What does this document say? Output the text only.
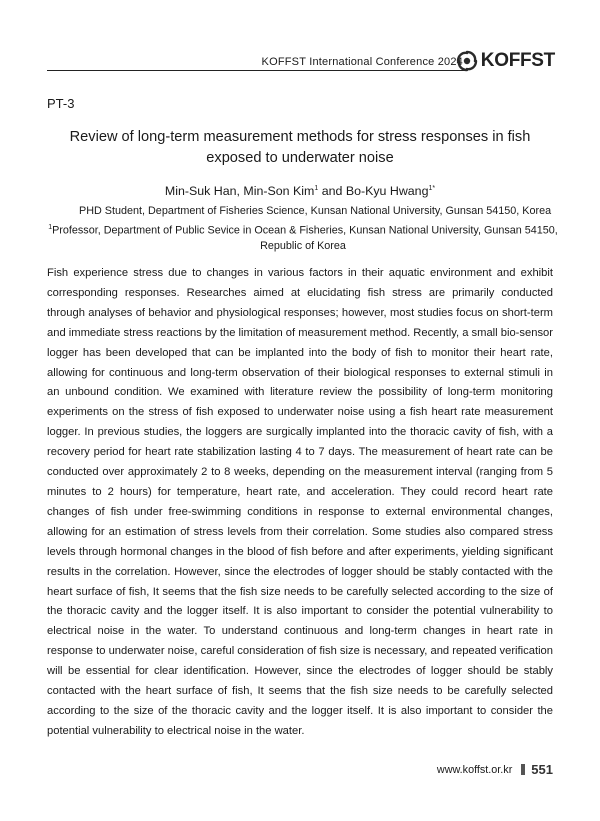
KOFFST International Conference 2024 KOFFST
PT-3
Review of long-term measurement methods for stress responses in fish
exposed to underwater noise
Min-Suk Han, Min-Son Kim$^1$ and Bo-Kyu Hwang$^{1*}$
PHD Student, Department of Fisheries Science, Kunsan National University, Gunsan 54150, Korea
$^1$Professor, Department of Public Sevice in Ocean & Fisheries, Kunsan National University, Gunsan 54150, Republic of Korea

Fish experience stress due to changes in various factors in their aquatic environment and exhibit corresponding responses. Researches aimed at elucidating fish stress are primarily conducted through analyses of behavior and physiological responses; however, most studies focus on short-term and immediate stress reactions by the limitation of measurement method. Recently, a small bio-sensor logger has been developed that can be implanted into the body of fish to monitor their heart rate, allowing for continuous and long-term observation of their biological responses to external stimuli in an unbound condition. We examined with literature review the possibility of long-term monitoring experiments on the stress of fish exposed to underwater noise using a fish heart rate measurement logger. In previous studies, the loggers are surgically implanted into the thoracic cavity of fish, with a recovery period for heart rate stabilization lasting 4 to 7 days. The measurement of heart rate can be conducted over approximately 2 to 8 weeks, depending on the measurement interval (ranging from 5 minutes to 2 hours) for temperature, heart rate, and acceleration. They could record heart rate changes of fish under free-swimming conditions in response to external environmental changes, allowing for an estimation of stress levels from their correlation. Some studies also compared stress levels through hormonal changes in the blood of fish before and after experiments, yielding significant results in the correlation. However, since the electrodes of logger should be stably contacted with the heart surface of fish, It seems that the fish size needs to be carefully selected according to the size of the thoracic cavity and the logger itself. It is also important to consider the potential vulnerability to electrical noise in the water. To understand continuous and long-term changes in heart rate in response to underwater noise, careful consideration of fish size is necessary, and repeated verification will be essential for clear identification. However, since the electrodes of logger should be stably contacted with the heart surface of fish, It seems that the fish size needs to be carefully selected according to the size of the thoracic cavity and the logger itself. It is also important to consider the potential vulnerability to electrical noise in the water.

www.koffst.or.kr 551
